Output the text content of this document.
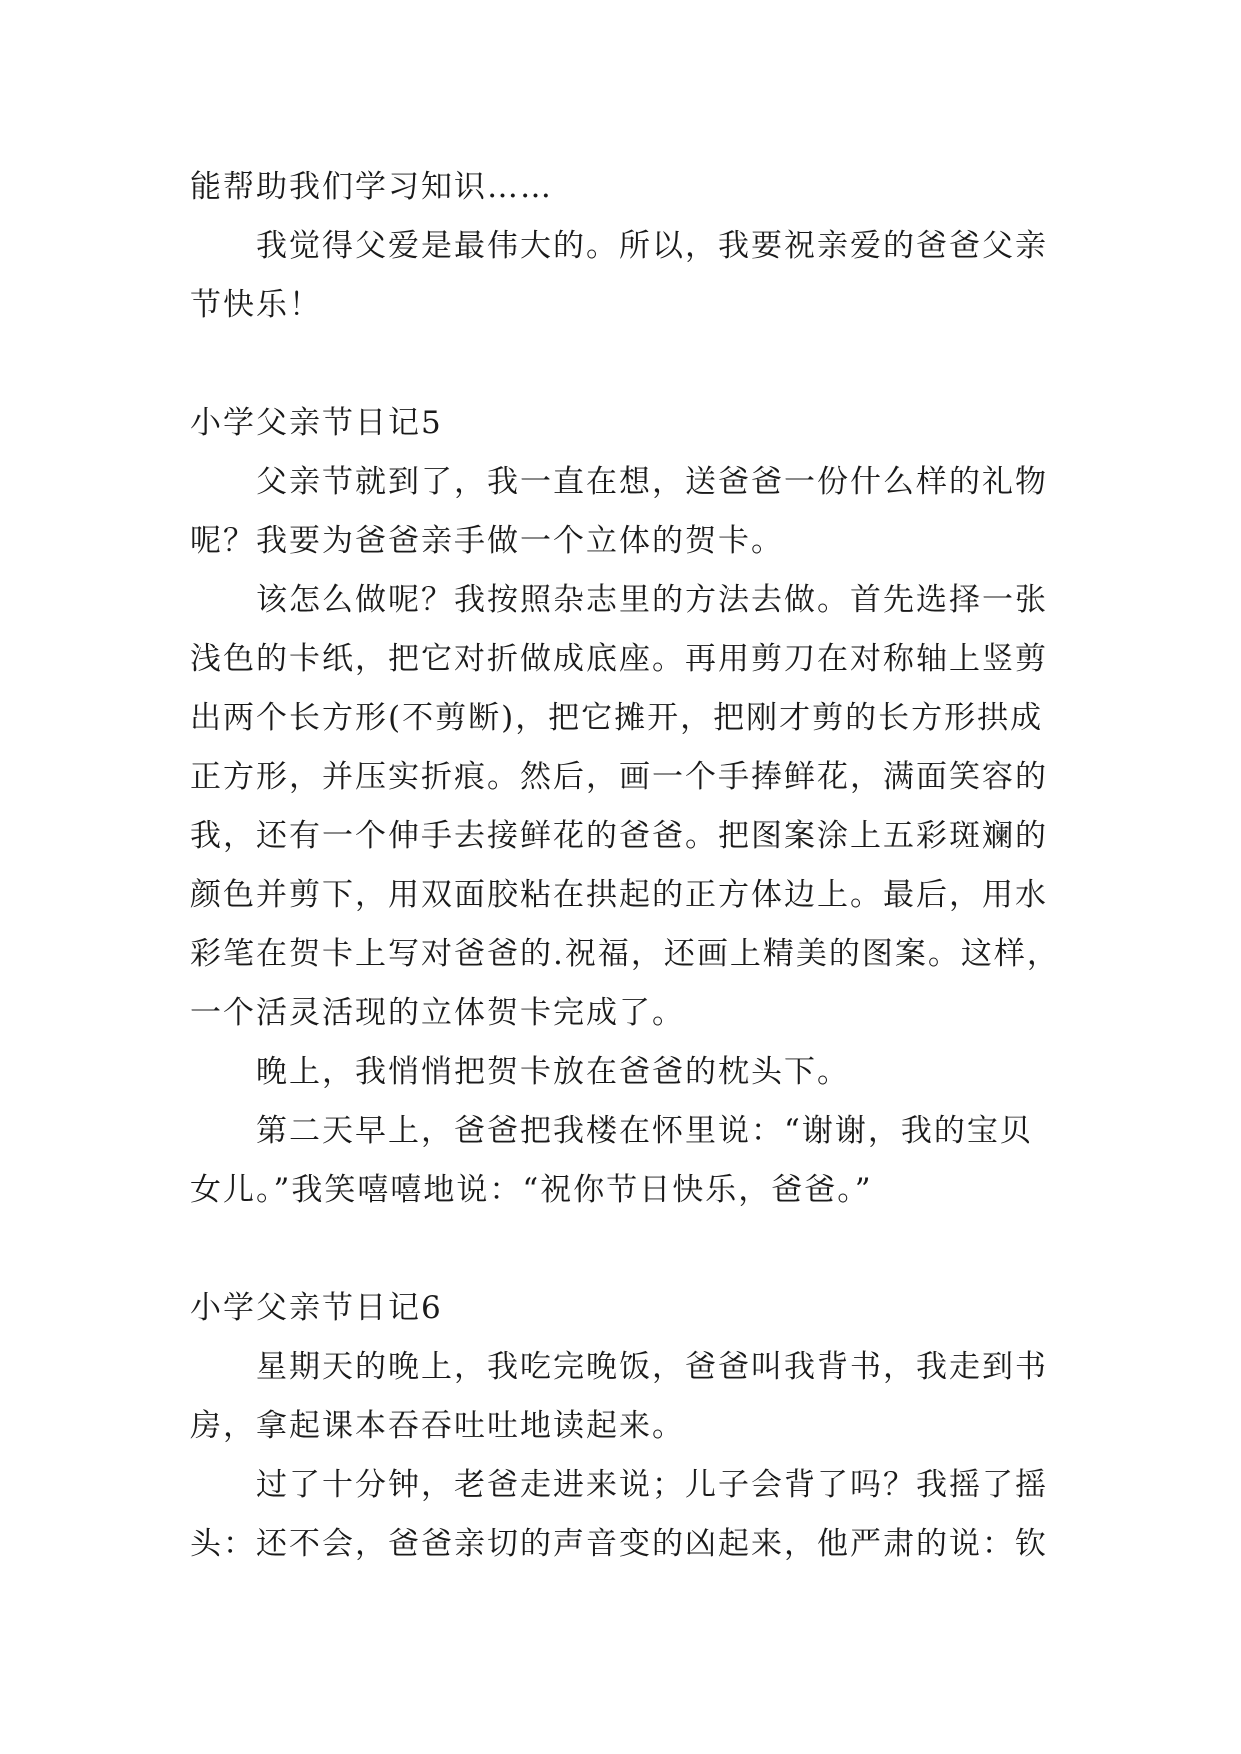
能帮助我们学习知识……
我觉得父爱是最伟大的。所以，我要祝亲爱的爸爸父亲
节快乐！
小学父亲节日记5
父亲节就到了，我一直在想，送爸爸一份什么样的礼物
呢？我要为爸爸亲手做一个立体的贺卡。
该怎么做呢？我按照杂志里的方法去做。首先选择一张
浅色的卡纸，把它对折做成底座。再用剪刀在对称轴上竖剪
出两个长方形(不剪断)，把它摊开，把刚才剪的长方形拱成
正方形，并压实折痕。然后，画一个手捧鲜花，满面笑容的
我，还有一个伸手去接鲜花的爸爸。把图案涂上五彩斑斓的
颜色并剪下，用双面胶粘在拱起的正方体边上。最后，用水
彩笔在贺卡上写对爸爸的.祝福，还画上精美的图案。这样，
一个活灵活现的立体贺卡完成了。
晚上，我悄悄把贺卡放在爸爸的枕头下。
第二天早上，爸爸把我楼在怀里说：“谢谢，我的宝贝
女儿。”我笑嘻嘻地说：“祝你节日快乐，爸爸。”
小学父亲节日记6
星期天的晚上，我吃完晚饭，爸爸叫我背书，我走到书
房，拿起课本吞吞吐吐地读起来。
过了十分钟，老爸走进来说；儿子会背了吗？我摇了摇
头：还不会，爸爸亲切的声音变的凶起来，他严肃的说：钦
